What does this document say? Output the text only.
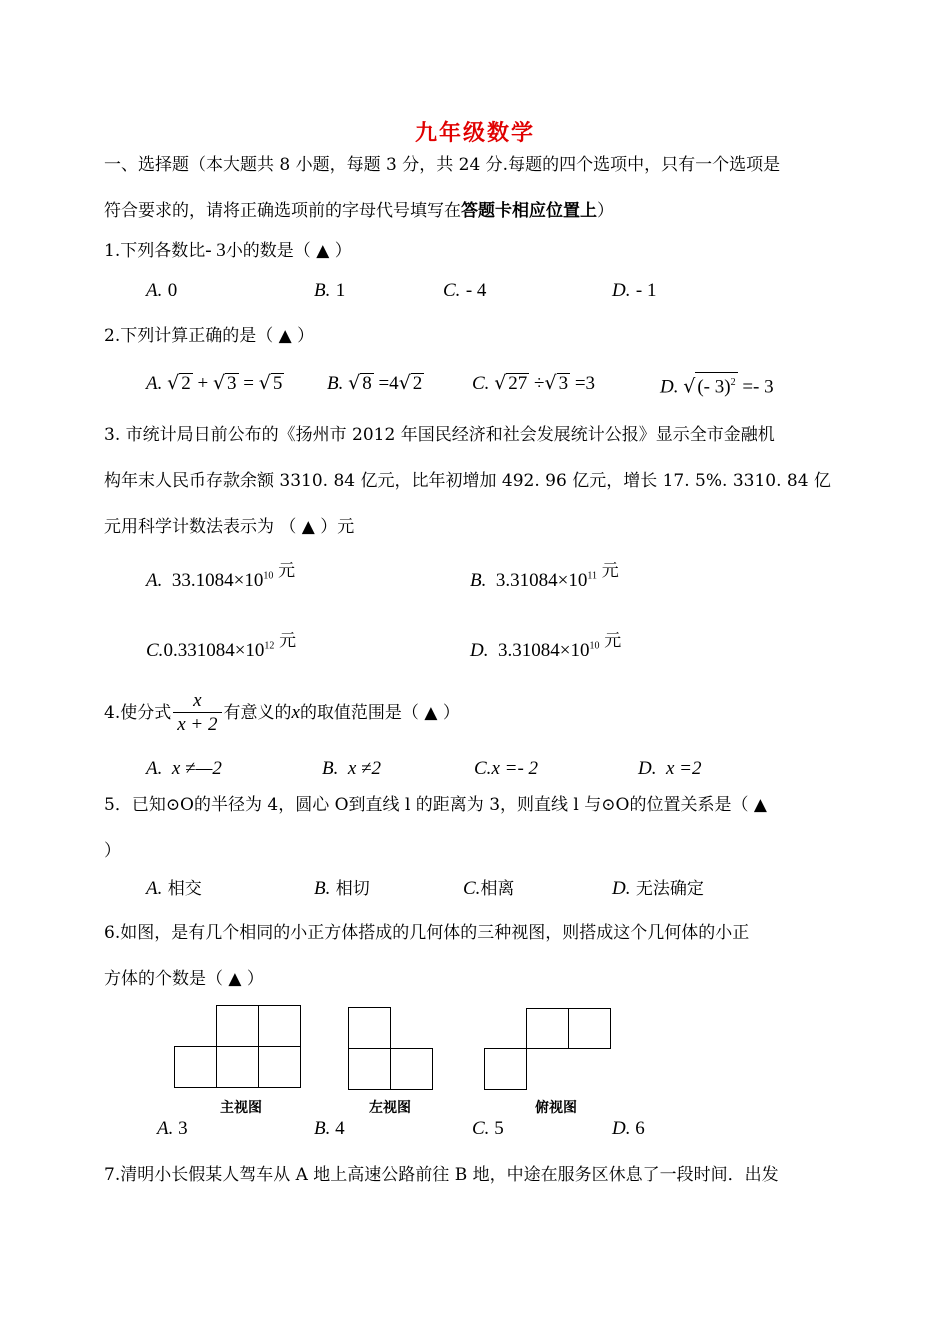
九年级数学
一、选择题（本大题共 8 小题，每题 3 分，共 24 分.每题的四个选项中，只有一个选项是
符合要求的，请将正确选项前的字母代号填写在答题卡相应位置上）
1.下列各数比- 3小的数是（ ▲ ）
A. 0	B. 1	C. - 4	D. - 1
2.下列计算正确的是（ ▲ ）
A. √ 2 + √ 3 = √ 5 B. √ 8 =4√ 2	C. √ 27 ÷√ 3 =3	D. √ (- 3)$^2$ =- 3
3. 市统计局日前公布的《扬州市 2012 年国民经济和社会发展统计公报》显示全市金融机
构年末人民币存款余额 3310. 84 亿元，比年初增加 492. 96 亿元，增长 17. 5%. 3310. 84 亿
元用科学计数法表示为 （ ▲ ）元
A. $33.1084\times 10^{10}$ 元	B. $3.31084\times 10^{11}$ 元
$C.0.331084\times 10^{12}$ 元	D. $3.31084\times 10^{10}$ 元
4.使分式 $\frac{x}{x + 2}$ 有意义的x的取值范围是（ ▲ ）
A. x ≠—2	B. x ≠2	C.x =- 2	D. x =2
5．已知⊙O的半径为 4，圆心 O到直线 l 的距离为 3，则直线 l 与⊙O的位置关系是（ ▲
）
A. 相交	B. 相切	C.相离	D. 无法确定
6.如图，是有几个相同的小正方体搭成的几何体的三种视图，则搭成这个几何体的小正
方体的个数是（ ▲ ）
主视图	左视图	俯视图
A. 3	B. 4	C. 5	D. 6
7.清明小长假某人驾车从 A 地上高速公路前往 B 地，中途在服务区休息了一段时间．出发
